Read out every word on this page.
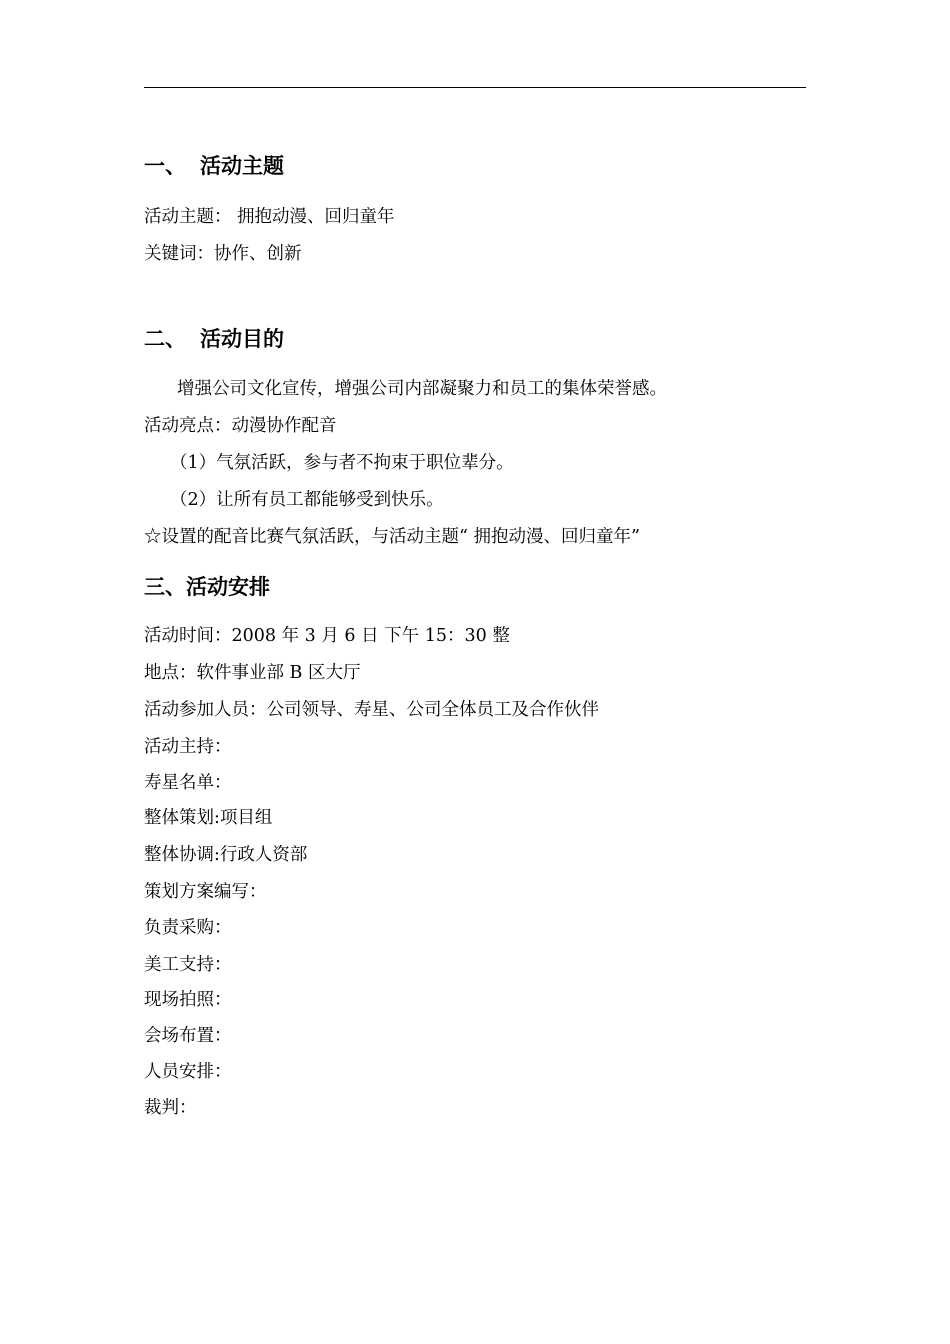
一、 活动主题
活动主题： 拥抱动漫、回归童年
关键词：协作、创新
二、 活动目的
增强公司文化宣传，增强公司内部凝聚力和员工的集体荣誉感。
活动亮点：动漫协作配音
（1）气氛活跃，参与者不拘束于职位辈分。
（2）让所有员工都能够受到快乐。
☆设置的配音比赛气氛活跃，与活动主题“ 拥抱动漫、回归童年”
三、活动安排
活动时间：2008 年 3 月 6 日 下午 15：30 整
地点：软件事业部 B 区大厅
活动参加人员：公司领导、寿星、公司全体员工及合作伙伴
活动主持：
寿星名单：
整体策划:项目组
整体协调:行政人资部
策划方案编写：
负责采购：
美工支持：
现场拍照：
会场布置：
人员安排：
裁判：
